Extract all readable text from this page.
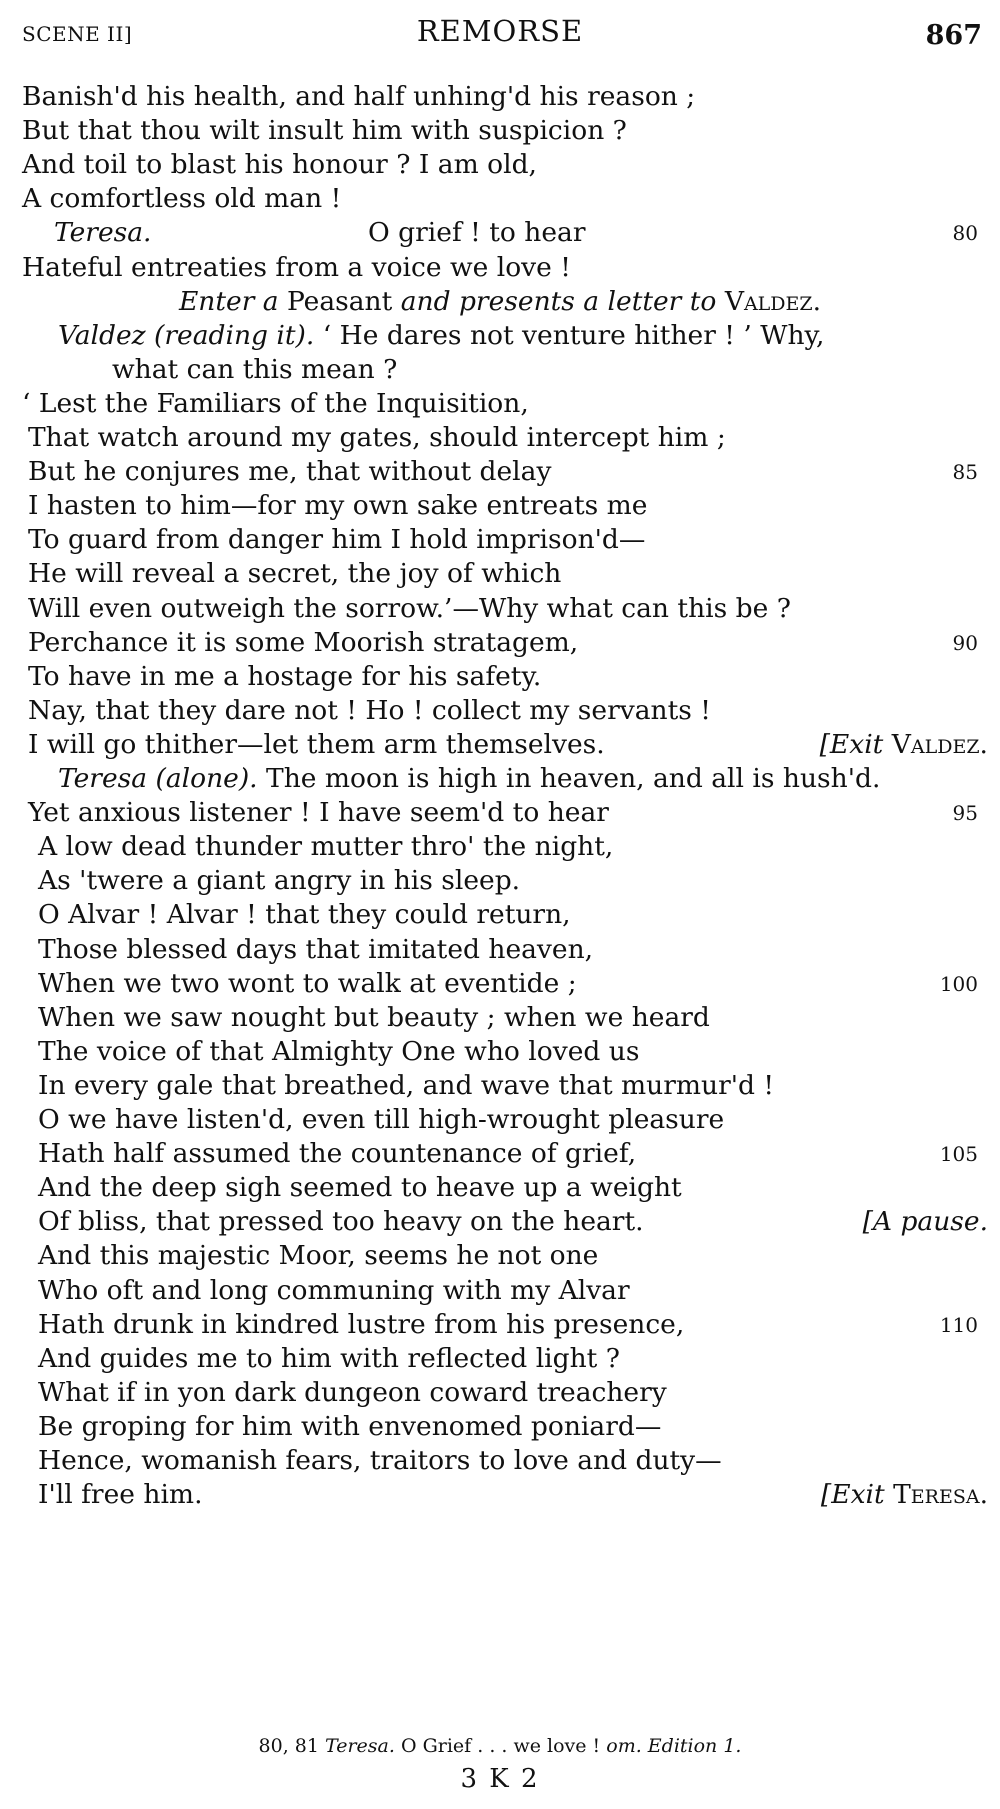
SCENE II]	REMORSE	867
Banish'd his health, and half unhing'd his reason ;
But that thou wilt insult him with suspicion ?
And toil to blast his honour ? I am old,
A comfortless old man !
Teresa.	O grief ! to hear	80
Hateful entreaties from a voice we love !
Enter a Peasant and presents a letter to Valdez.
Valdez (reading it). ‘ He dares not venture hither ! ’ Why,
what can this mean ?
‘ Lest the Familiars of the Inquisition,
That watch around my gates, should intercept him ;
But he conjures me, that without delay	85
I hasten to him—for my own sake entreats me
To guard from danger him I hold imprison'd—
He will reveal a secret, the joy of which
Will even outweigh the sorrow.’—Why what can this be ?
Perchance it is some Moorish stratagem,	90
To have in me a hostage for his safety.
Nay, that they dare not ! Ho ! collect my servants !
I will go thither—let them arm themselves.	[Exit Valdez.
Teresa (alone). The moon is high in heaven, and all is hush'd.
Yet anxious listener ! I have seem'd to hear	95
A low dead thunder mutter thro' the night,
As 'twere a giant angry in his sleep.
O Alvar ! Alvar ! that they could return,
Those blessed days that imitated heaven,
When we two wont to walk at eventide ;	100
When we saw nought but beauty ; when we heard
The voice of that Almighty One who loved us
In every gale that breathed, and wave that murmur'd !
O we have listen'd, even till high-wrought pleasure
Hath half assumed the countenance of grief,	105
And the deep sigh seemed to heave up a weight
Of bliss, that pressed too heavy on the heart.	[A pause.
And this majestic Moor, seems he not one
Who oft and long communing with my Alvar
Hath drunk in kindred lustre from his presence,	110
And guides me to him with reflected light ?
What if in yon dark dungeon coward treachery
Be groping for him with envenomed poniard—
Hence, womanish fears, traitors to love and duty—
I'll free him.	[Exit Teresa.
80, 81 Teresa. O Grief . . . we love ! om. Edition 1.
3 K 2
